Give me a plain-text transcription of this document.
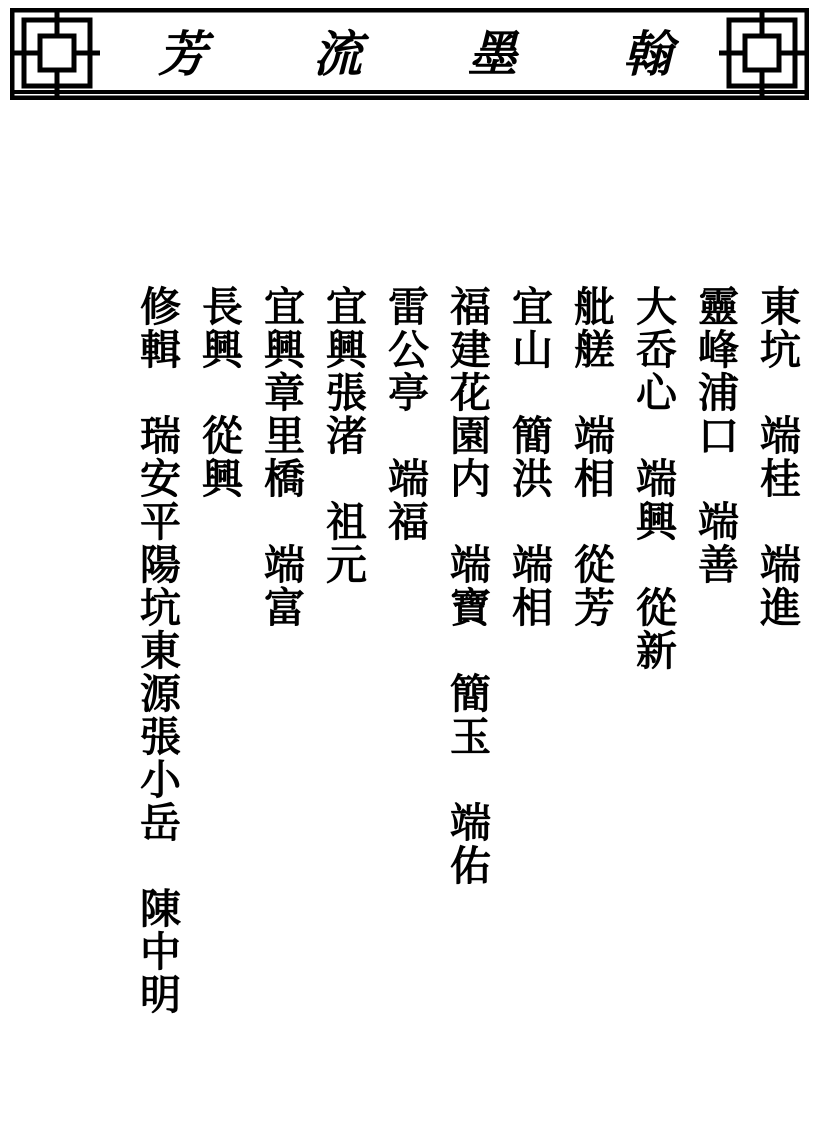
芳 流 墨 翰
東坑　端桂　端進
靈峰浦口　端善
大岙心　端興　從新
舭艖　端相　從芳
宜山　簡洪　端相
福建花園内　端寶　簡玉　端佑
雷公亭　端福
宜興張渚　祖元
宜興章里橋　端富
長興　從興
修輯　瑞安平陽坑東源張小岳　陳中明
